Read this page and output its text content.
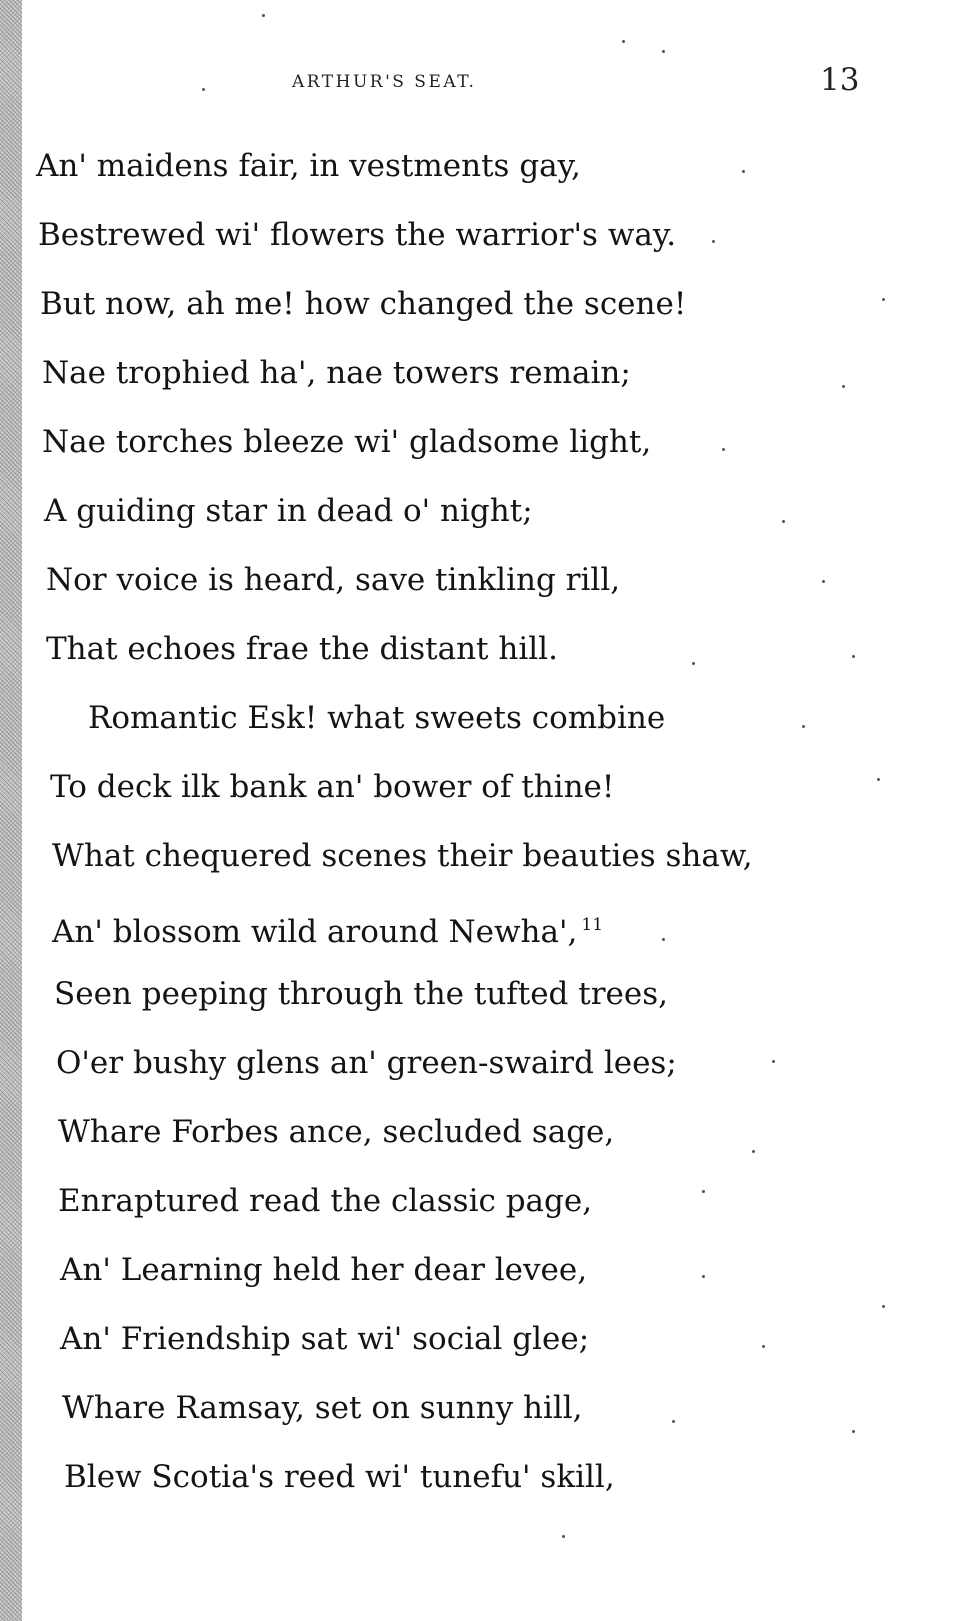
ARTHUR'S SEAT.	13

An' maidens fair, in vestments gay,

Bestrewed wi' flowers the warrior's way.

But now, ah me! how changed the scene!

Nae trophied ha', nae towers remain;

Nae torches bleeze wi' gladsome light,

A guiding star in dead o' night;

Nor voice is heard, save tinkling rill,

That echoes frae the distant hill.

Romantic Esk! what sweets combine

To deck ilk bank an' bower of thine!

What chequered scenes their beauties shaw,

An' blossom wild around Newha', $^{11}$

Seen peeping through the tufted trees,

O'er bushy glens an' green-swaird lees;

Whare Forbes ance, secluded sage,

Enraptured read the classic page,

An' Learning held her dear levee,

An' Friendship sat wi' social glee;

Whare Ramsay, set on sunny hill,

Blew Scotia's reed wi' tunefu' skill,
